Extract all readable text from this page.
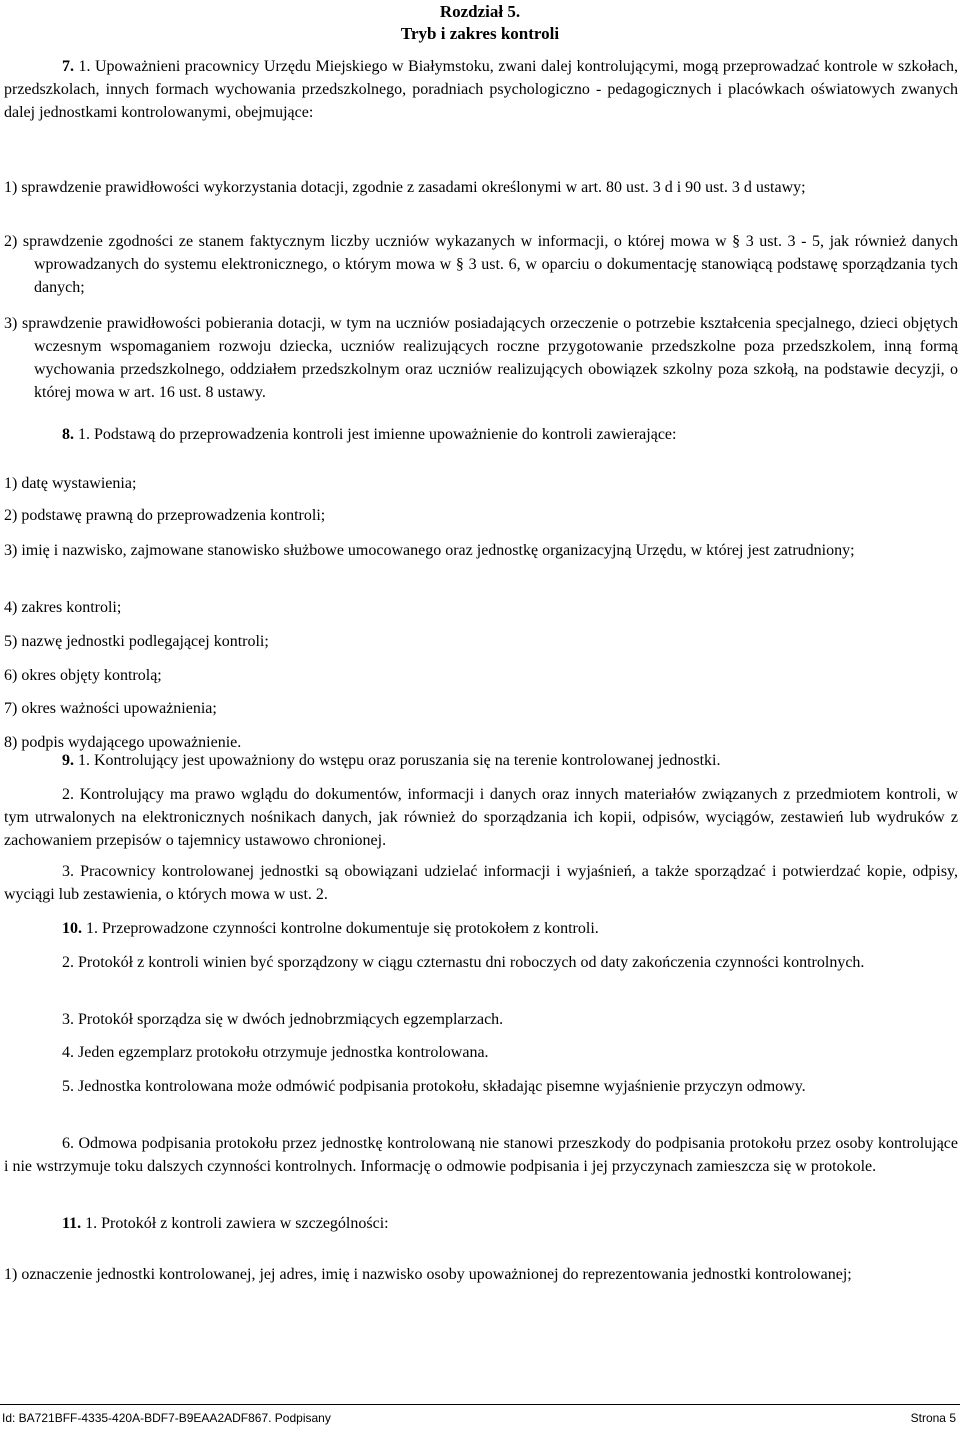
Rozdział 5.

Tryb i zakres kontroli

7. 1. Upoważnieni pracownicy Urzędu Miejskiego w Białymstoku, zwani dalej kontrolującymi, mogą przeprowadzać kontrole w szkołach, przedszkolach, innych formach wychowania przedszkolnego, poradniach psychologiczno - pedagogicznych i placówkach oświatowych zwanych dalej jednostkami kontrolowanymi, obejmujące:

1) sprawdzenie prawidłowości wykorzystania dotacji, zgodnie z zasadami określonymi w art. 80 ust. 3 d i 90 ust. 3 d ustawy;

2) sprawdzenie zgodności ze stanem faktycznym liczby uczniów wykazanych w informacji, o której mowa w § 3 ust. 3 - 5, jak również danych wprowadzanych do systemu elektronicznego, o którym mowa w § 3 ust. 6, w oparciu o dokumentację stanowiącą podstawę sporządzania tych danych;

3) sprawdzenie prawidłowości pobierania dotacji, w tym na uczniów posiadających orzeczenie o potrzebie kształcenia specjalnego, dzieci objętych wczesnym wspomaganiem rozwoju dziecka, uczniów realizujących roczne przygotowanie przedszkolne poza przedszkolem, inną formą wychowania przedszkolnego, oddziałem przedszkolnym oraz uczniów realizujących obowiązek szkolny poza szkołą, na podstawie decyzji, o której mowa w art. 16 ust. 8 ustawy.

8. 1. Podstawą do przeprowadzenia kontroli jest imienne upoważnienie do kontroli zawierające:

1) datę wystawienia;

2) podstawę prawną do przeprowadzenia kontroli;

3) imię i nazwisko, zajmowane stanowisko służbowe umocowanego oraz jednostkę organizacyjną Urzędu, w której jest zatrudniony;

4) zakres kontroli;

5) nazwę jednostki podlegającej kontroli;

6) okres objęty kontrolą;

7) okres ważności upoważnienia;

8) podpis wydającego upoważnienie.

9. 1. Kontrolujący jest upoważniony do wstępu oraz poruszania się na terenie kontrolowanej jednostki.

2. Kontrolujący ma prawo wglądu do dokumentów, informacji i danych oraz innych materiałów związanych z przedmiotem kontroli, w tym utrwalonych na elektronicznych nośnikach danych, jak również do sporządzania ich kopii, odpisów, wyciągów, zestawień lub wydruków z zachowaniem przepisów o tajemnicy ustawowo chronionej.

3. Pracownicy kontrolowanej jednostki są obowiązani udzielać informacji i wyjaśnień, a także sporządzać i potwierdzać kopie, odpisy, wyciągi lub zestawienia, o których mowa w ust. 2.

10. 1. Przeprowadzone czynności kontrolne dokumentuje się protokołem z kontroli.

2. Protokół z kontroli winien być sporządzony w ciągu czternastu dni roboczych od daty zakończenia czynności kontrolnych.

3. Protokół sporządza się w dwóch jednobrzmiących egzemplarzach.

4. Jeden egzemplarz protokołu otrzymuje jednostka kontrolowana.

5. Jednostka kontrolowana może odmówić podpisania protokołu, składając pisemne wyjaśnienie przyczyn odmowy.

6. Odmowa podpisania protokołu przez jednostkę kontrolowaną nie stanowi przeszkody do podpisania protokołu przez osoby kontrolujące i nie wstrzymuje toku dalszych czynności kontrolnych. Informację o odmowie podpisania i jej przyczynach zamieszcza się w protokole.

11. 1. Protokół z kontroli zawiera w szczególności:

1) oznaczenie jednostki kontrolowanej, jej adres, imię i nazwisko osoby upoważnionej do reprezentowania jednostki kontrolowanej;

Id: BA721BFF-4335-420A-BDF7-B9EAA2ADF867. Podpisany	Strona 5
